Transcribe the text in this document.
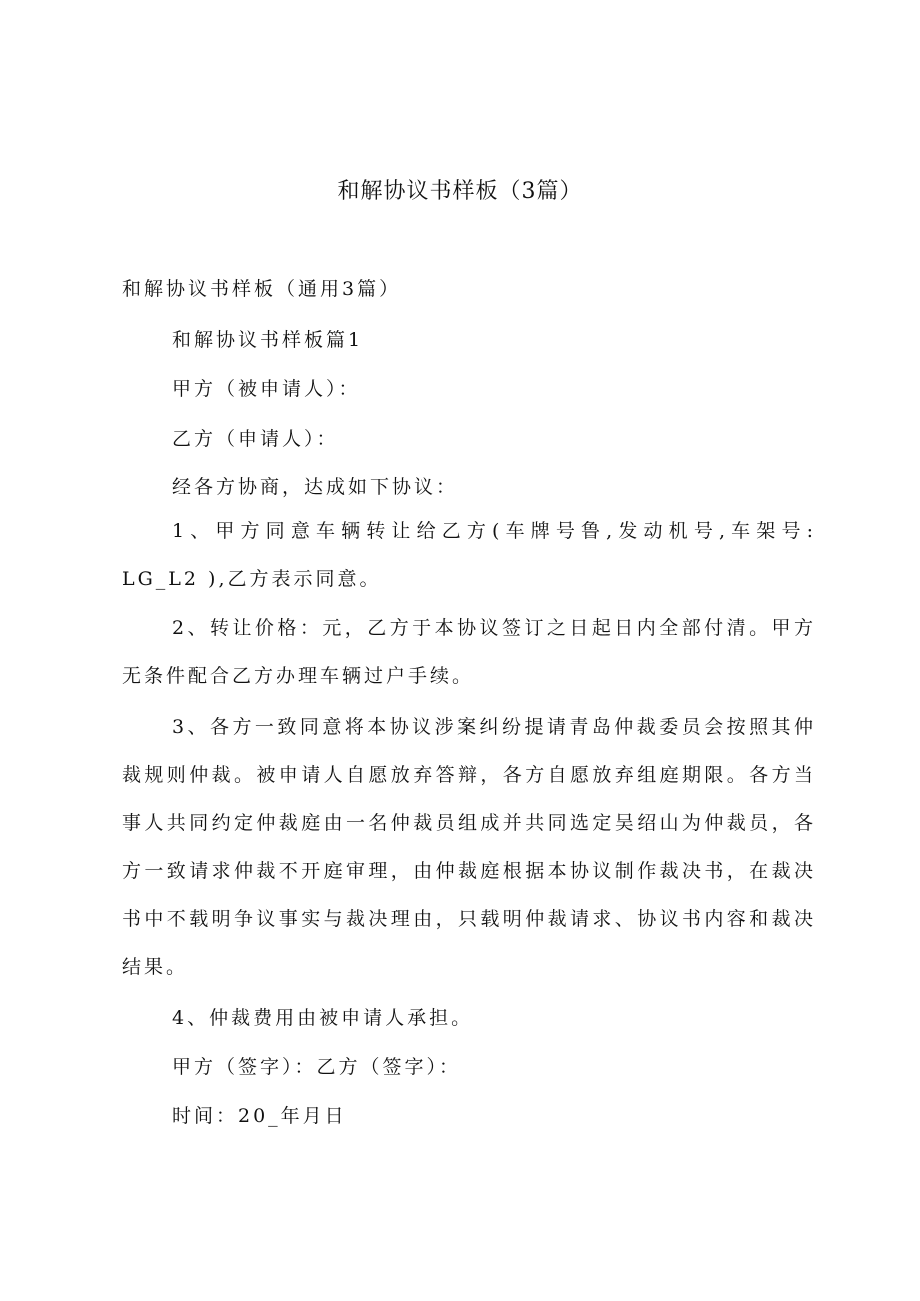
和解协议书样板（3篇）
和解协议书样板（通用3篇）
和解协议书样板篇1
甲方（被申请人）：
乙方（申请人）：
经各方协商，达成如下协议：

1、甲方同意车辆转让给乙方(车牌号鲁,发动机号,车架号: LG_L2 ),乙方表示同意。

2、转让价格：元，乙方于本协议签订之日起日内全部付清。甲方无条件配合乙方办理车辆过户手续。

3、各方一致同意将本协议涉案纠纷提请青岛仲裁委员会按照其仲裁规则仲裁。被申请人自愿放弃答辩，各方自愿放弃组庭期限。各方当事人共同约定仲裁庭由一名仲裁员组成并共同选定吴绍山为仲裁员，各方一致请求仲裁不开庭审理，由仲裁庭根据本协议制作裁决书，在裁决书中不载明争议事实与裁决理由，只载明仲裁请求、协议书内容和裁决结果。

4、仲裁费用由被申请人承担。
甲方（签字）：乙方（签字）：
时间：20_年月日
